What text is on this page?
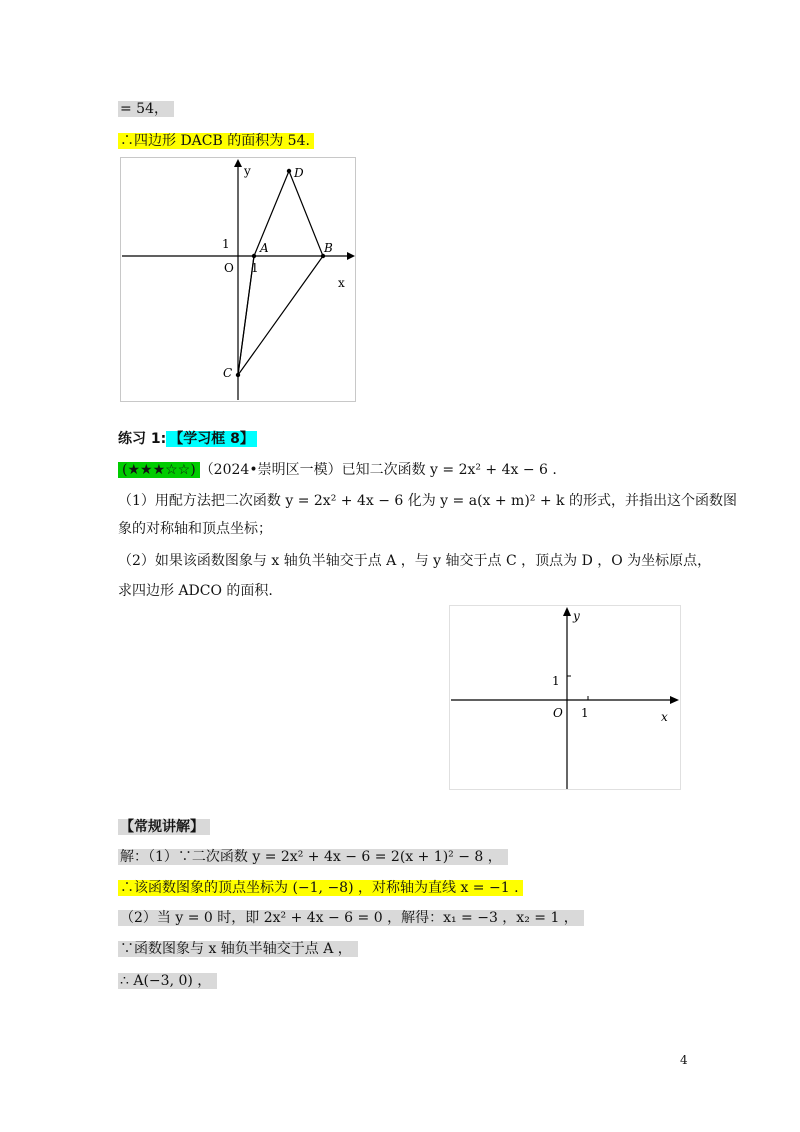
= 54，
∴四边形 DACB 的面积为 54.
y
x
O
1
1
A
D
B
C
练习 1: 【学习框 8】
(★★★☆☆) （2024•崇明区一模）已知二次函数 y = 2x² + 4x − 6 .
（1）用配方法把二次函数 y = 2x² + 4x − 6 化为 y = a(x + m)² + k 的形式，并指出这个函数图
象的对称轴和顶点坐标；
（2）如果该函数图象与 x 轴负半轴交于点 A ，与 y 轴交于点 C ，顶点为 D ，O 为坐标原点，
求四边形 ADCO 的面积.
y
x
O
1
1
【常规讲解】
解：（1）∵二次函数 y = 2x² + 4x − 6 = 2(x + 1)² − 8 ，
∴该函数图象的顶点坐标为 (−1, −8) ，对称轴为直线 x = −1 .
（2）当 y = 0 时，即 2x² + 4x − 6 = 0 ，解得：x₁ = −3 ，x₂ = 1 ，
∵函数图象与 x 轴负半轴交于点 A ，
∴ A(−3, 0) ，
4
